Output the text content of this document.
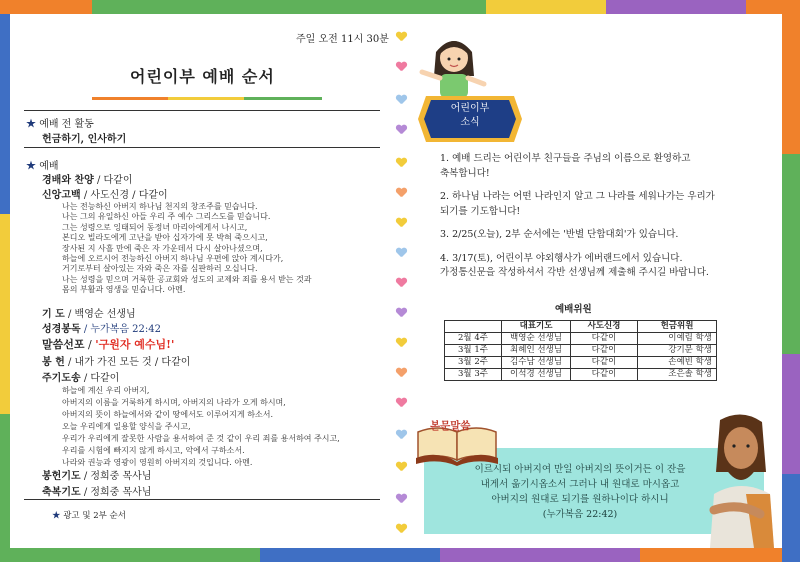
주일 오전 11시 30분
어린이부 예배 순서
★ 예배 전 활동
헌금하기, 인사하기
★ 예배
경배와 찬양 / 다같이
신앙고백 / 사도신경 / 다같이
나는 전능하신 아버지 하나님 천지의 창조주를 믿습니다.
나는 그의 유일하신 아들 우리 주 예수 그리스도를 믿습니다.
그는 성령으로 잉태되어 동정녀 마리아에게서 나시고,
본디오 빌라도에게 고난을 받아 십자가에 못 박혀 죽으시고,
장사된 지 사흘 만에 죽은 자 가운데서 다시 살아나셨으며,
하늘에 오르시어 전능하신 아버지 하나님 우편에 앉아 계시다가,
거기로부터 살아있는 자와 죽은 자를 심판하러 오십니다.
나는 성령을 믿으며 거룩한 공교회와 성도의 교제와 죄를 용서 받는 것과
몸의 부활과 영생을 믿습니다. 아멘.
기 도 / 백영순 선생님
성경봉독 / 누가복음 22:42
말씀선포 / '구원자 예수님!'
봉 헌 / 내가 가진 모든 것 / 다같이
주기도송 / 다같이
하늘에 계신 우리 아버지,
아버지의 이름을 거룩하게 하시며, 아버지의 나라가 오게 하시며,
아버지의 뜻이 하늘에서와 같이 땅에서도 이루어지게 하소서.
오늘 우리에게 일용할 양식을 주시고,
우리가 우리에게 잘못한 사람을 용서하여 준 것 같이 우리 죄를 용서하여 주시고,
우리를 시험에 빠지지 않게 하시고, 악에서 구하소서.
나라와 권능과 영광이 영원히 아버지의 것입니다. 아멘.
봉헌기도 / 정희중 목사님
축복기도 / 정희중 목사님
★ 광고 및 2부 순서
어린이부
소식
1. 예배 드리는 어린이부 친구들을 주님의 이름으로 환영하고
축복합니다!
2. 하나님 나라는 어떤 나라인지 알고 그 나라를 세워나가는 우리가
되기를 기도합니다!
3. 2/25(오늘), 2부 순서에는 '반별 단합대회'가 있습니다.
4. 3/17(토), 어린이부 야외행사가 에버랜드에서 있습니다.
가정통신문을 작성하셔서 각반 선생님께 제출해 주시길 바랍니다.
예배위원
	대표기도	사도신경	헌금위원
2월 4주	백영순 선생님	다같이	이예림 학생
3월 1주	최혜인 선생님	다같이	강기문 학생
3월 2주	김수남 선생님	다같이	손예빈 학생
3월 3주	이석경 선생님	다같이	조은솔 학생
본문말씀
이르시되 아버지여 만일 아버지의 뜻이거든 이 잔을
내게서 옮기시옵소서 그러나 내 원대로 마시옵고
아버지의 원대로 되기를 원하나이다 하시니
(누가복음 22:42)
